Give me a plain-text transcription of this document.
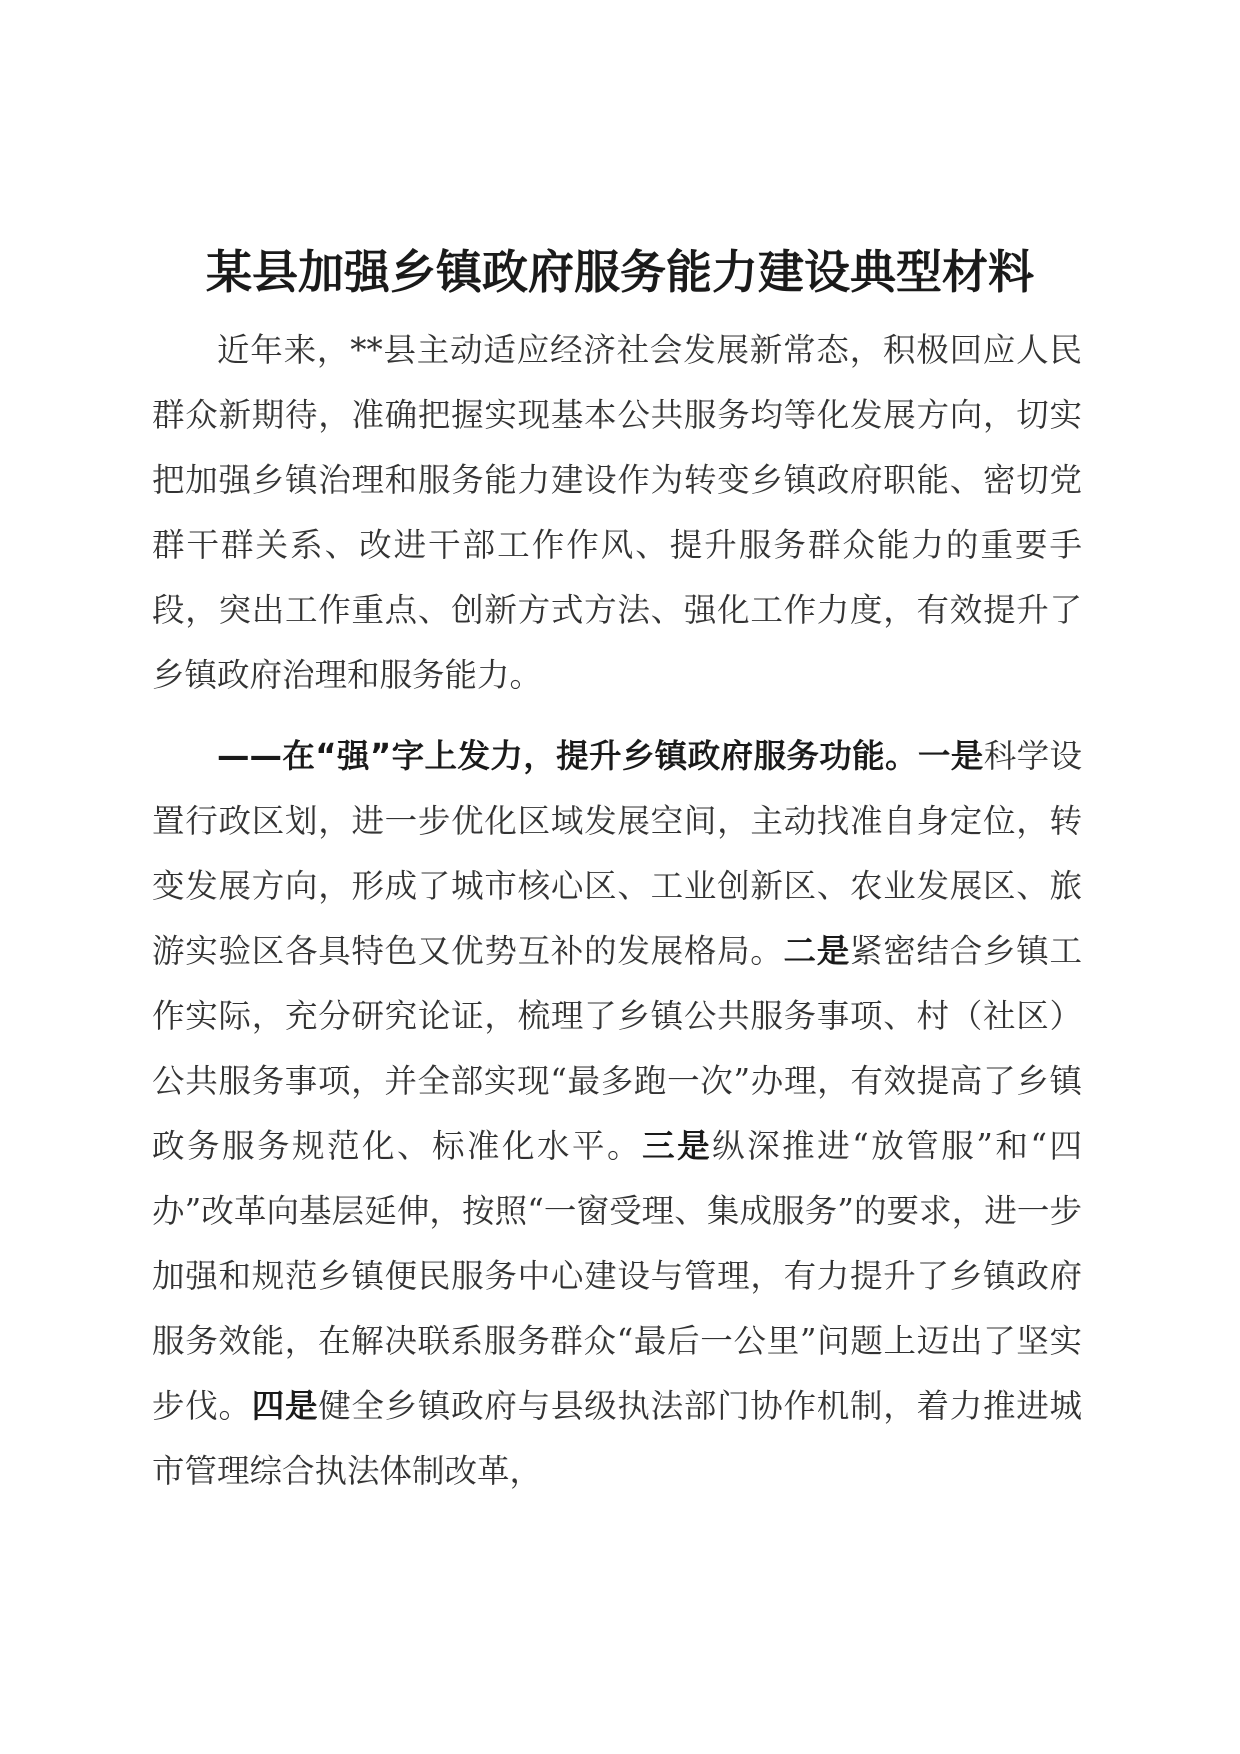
某县加强乡镇政府服务能力建设典型材料

近年来，**县主动适应经济社会发展新常态，积极回应人民群众新期待，准确把握实现基本公共服务均等化发展方向，切实把加强乡镇治理和服务能力建设作为转变乡镇政府职能、密切党群干群关系、改进干部工作作风、提升服务群众能力的重要手段，突出工作重点、创新方式方法、强化工作力度，有效提升了乡镇政府治理和服务能力。

——在“强”字上发力，提升乡镇政府服务功能。一是科学设置行政区划，进一步优化区域发展空间，主动找准自身定位，转变发展方向，形成了城市核心区、工业创新区、农业发展区、旅游实验区各具特色又优势互补的发展格局。二是紧密结合乡镇工作实际，充分研究论证，梳理了乡镇公共服务事项、村（社区）公共服务事项，并全部实现“最多跑一次”办理，有效提高了乡镇政务服务规范化、标准化水平。三是纵深推进“放管服”和“四办”改革向基层延伸，按照“一窗受理、集成服务”的要求，进一步加强和规范乡镇便民服务中心建设与管理，有力提升了乡镇政府服务效能，在解决联系服务群众“最后一公里”问题上迈出了坚实步伐。四是健全乡镇政府与县级执法部门协作机制，着力推进城市管理综合执法体制改革，
